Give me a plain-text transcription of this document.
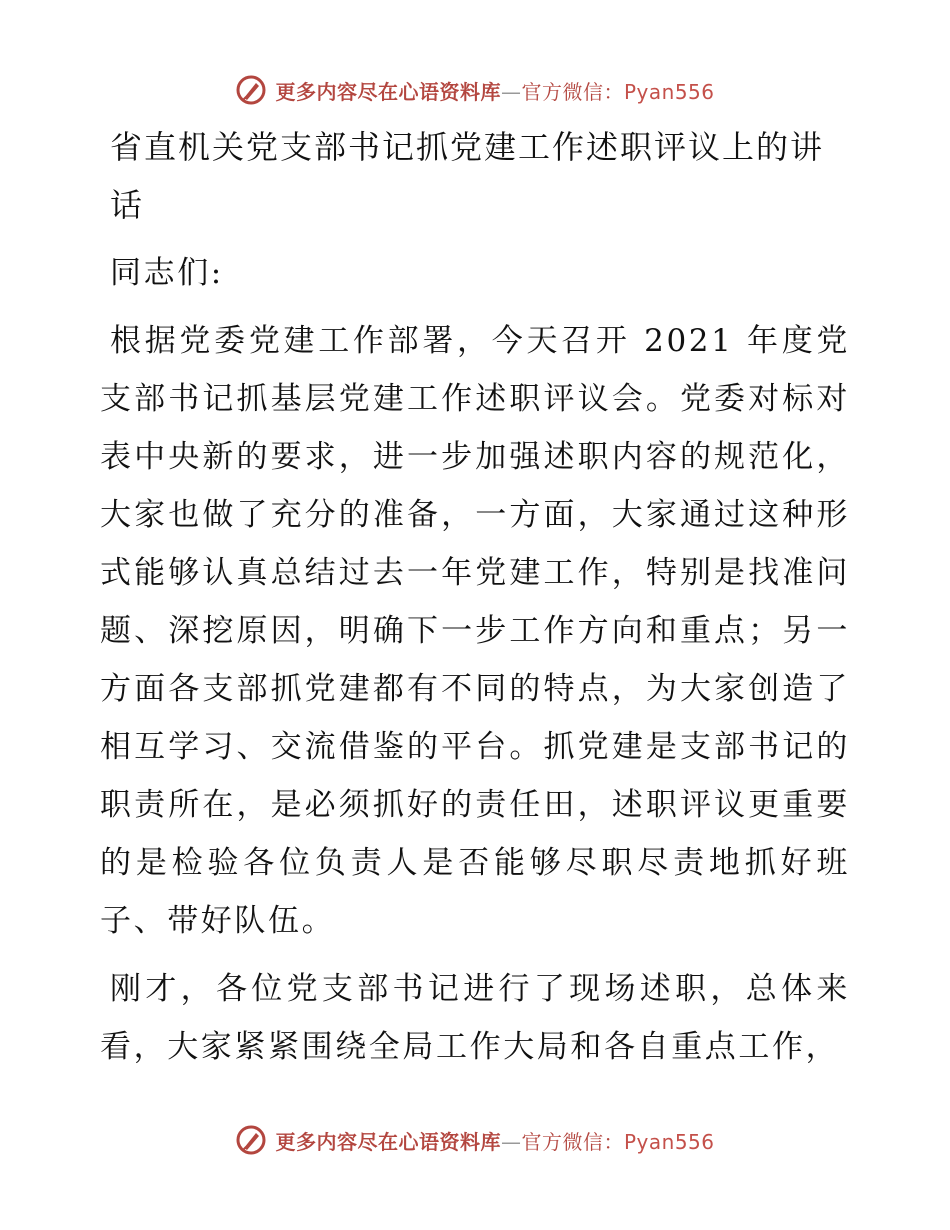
更多内容尽在心语资料库—官方微信：Pyan556
省直机关党支部书记抓党建工作述职评议上的讲话

同志们:

根据党委党建工作部署，今天召开 2021 年度党支部书记抓基层党建工作述职评议会。党委对标对表中央新的要求，进一步加强述职内容的规范化，大家也做了充分的准备，一方面，大家通过这种形式能够认真总结过去一年党建工作，特别是找准问题、深挖原因，明确下一步工作方向和重点；另一方面各支部抓党建都有不同的特点，为大家创造了相互学习、交流借鉴的平台。抓党建是支部书记的职责所在，是必须抓好的责任田，述职评议更重要的是检验各位负责人是否能够尽职尽责地抓好班子、带好队伍。

刚才，各位党支部书记进行了现场述职，总体来看，大家紧紧围绕全局工作大局和各自重点工作，

更多内容尽在心语资料库—官方微信：Pyan556
